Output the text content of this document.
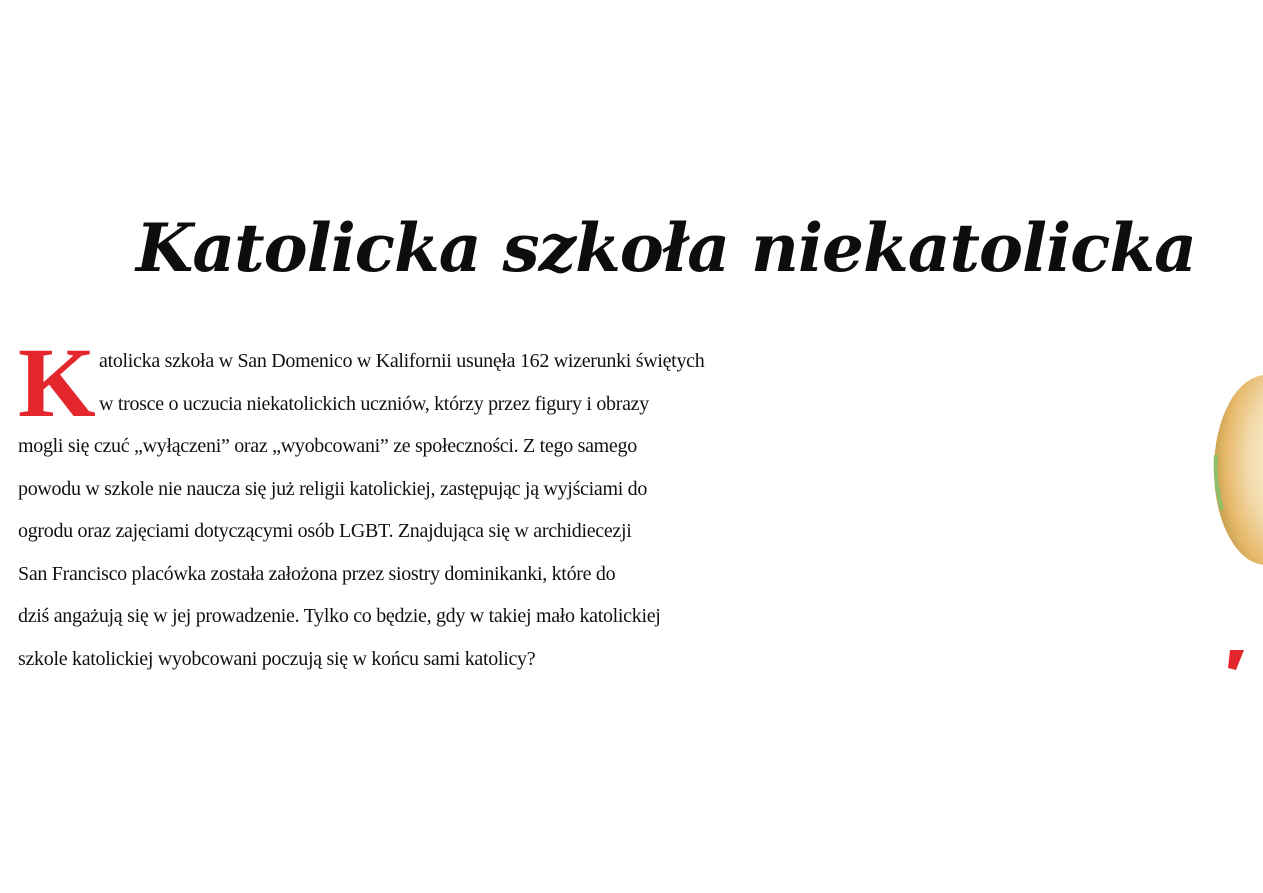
Katolicka szkoła niekatolicka
K atolicka szkoła w San Domenico w Kalifornii usunęła 162 wizerunki świętych
w trosce o uczucia niekatolickich uczniów, którzy przez figury i obrazy
mogli się czuć „wyłączeni” oraz „wyobcowani” ze społeczności. Z tego samego
powodu w szkole nie naucza się już religii katolickiej, zastępując ją wyjściami do
ogrodu oraz zajęciami dotyczącymi osób LGBT. Znajdująca się w archidiecezji
San Francisco placówka została założona przez siostry dominikanki, które do
dziś angażują się w jej prowadzenie. Tylko co będzie, gdy w takiej mało katolickiej
szkole katolickiej wyobcowani poczują się w końcu sami katolicy?
